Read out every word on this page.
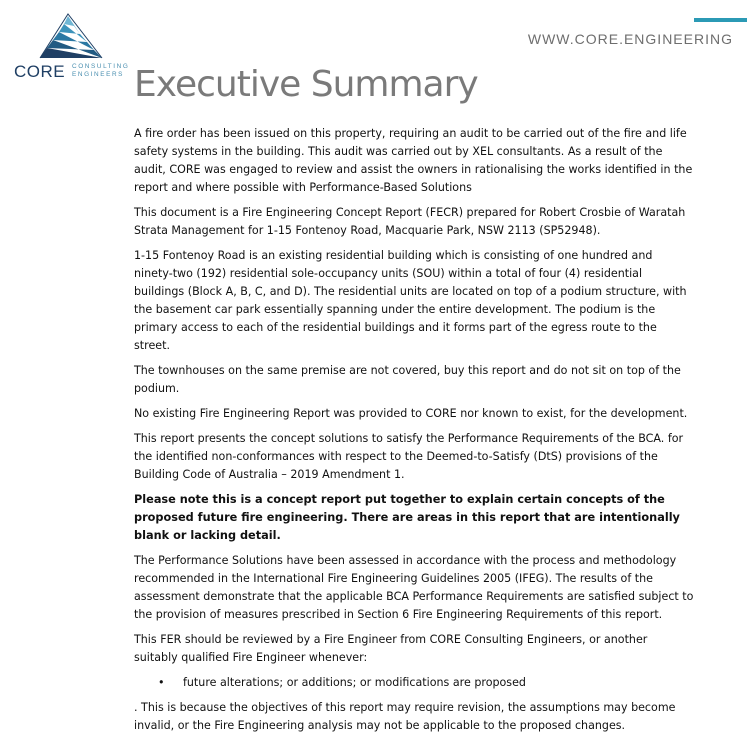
CORE CONSULTING
ENGINEERS
WWW.CORE.ENGINEERING
Executive Summary

A fire order has been issued on this property, requiring an audit to be carried out of the fire and life safety systems in the building. This audit was carried out by XEL consultants. As a result of the audit, CORE was engaged to review and assist the owners in rationalising the works identified in the report and where possible with Performance-Based Solutions

This document is a Fire Engineering Concept Report (FECR) prepared for Robert Crosbie of Waratah Strata Management for 1-15 Fontenoy Road, Macquarie Park, NSW 2113 (SP52948).

1-15 Fontenoy Road is an existing residential building which is consisting of one hundred and ninety-two (192) residential sole-occupancy units (SOU) within a total of four (4) residential buildings (Block A, B, C, and D). The residential units are located on top of a podium structure, with the basement car park essentially spanning under the entire development. The podium is the primary access to each of the residential buildings and it forms part of the egress route to the street.

The townhouses on the same premise are not covered, buy this report and do not sit on top of the podium.

No existing Fire Engineering Report was provided to CORE nor known to exist, for the development.

This report presents the concept solutions to satisfy the Performance Requirements of the BCA. for the identified non-conformances with respect to the Deemed-to-Satisfy (DtS) provisions of the Building Code of Australia – 2019 Amendment 1.

Please note this is a concept report put together to explain certain concepts of the proposed future fire engineering. There are areas in this report that are intentionally blank or lacking detail.

The Performance Solutions have been assessed in accordance with the process and methodology recommended in the International Fire Engineering Guidelines 2005 (IFEG). The results of the assessment demonstrate that the applicable BCA Performance Requirements are satisfied subject to the provision of measures prescribed in Section 6 Fire Engineering Requirements of this report.

This FER should be reviewed by a Fire Engineer from CORE Consulting Engineers, or another suitably qualified Fire Engineer whenever:

• future alterations; or additions; or modifications are proposed

. This is because the objectives of this report may require revision, the assumptions may become invalid, or the Fire Engineering analysis may not be applicable to the proposed changes.
